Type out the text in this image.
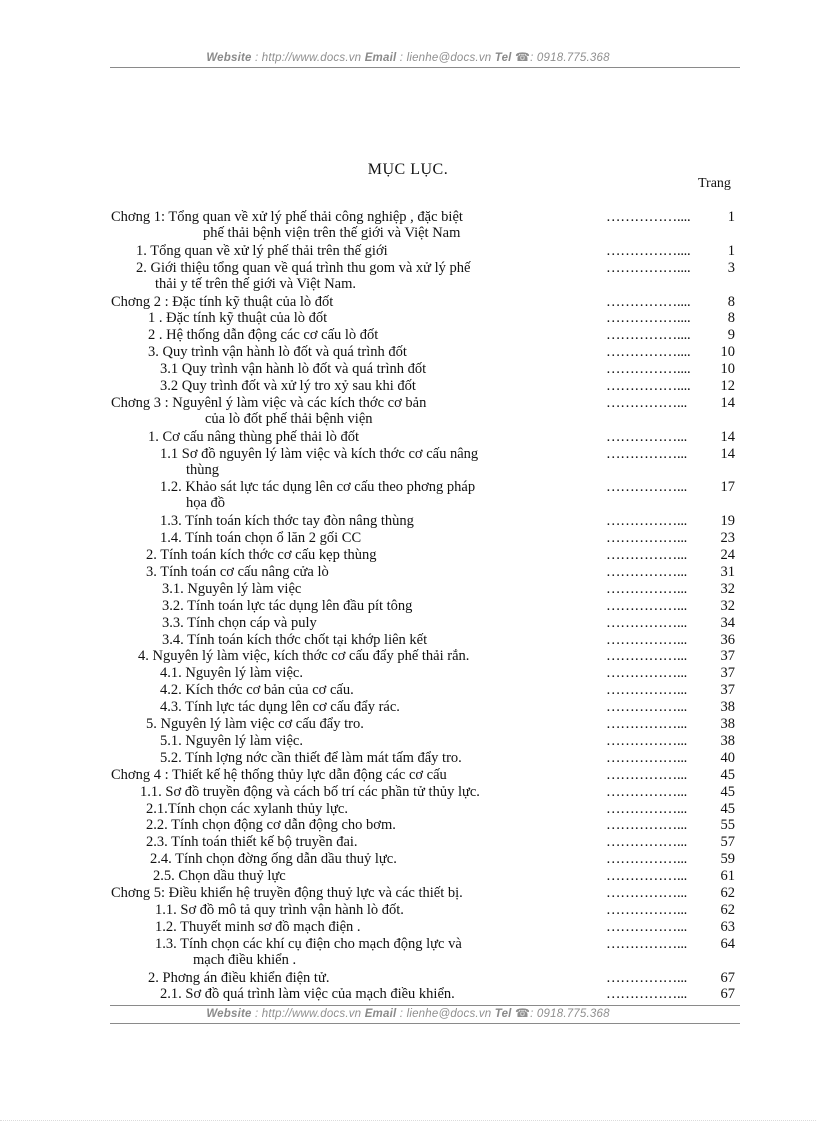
Website : http://www.docs.vn Email : lienhe@docs.vn Tel ☎: 0918.775.368
MỤC LỤC.
Trang
Chơng 1: Tổng quan về xử lý phế thải công nghiệp , đặc biệt
phế thải bệnh viện trên thế giới và Việt Nam
……………....	1
1. Tổng quan về xử lý phế thải trên thế giới	……………....	1
2. Giới thiệu tổng quan về quá trình thu gom và xử lý phế
thải y tế trên thế giới và Việt Nam.
……………....	3
Chơng 2 : Đặc tính kỹ thuật của lò đốt	……………....	8
1 . Đặc tính kỹ thuật của lò đốt	……………....	8
2 . Hệ thống dẫn động các cơ cấu lò đốt	……………....	9
3. Quy trình vận hành lò đốt và quá trình đốt	……………....	10
3.1 Quy trình vận hành lò đốt và quá trình đốt	……………....	10
3.2 Quy trình đốt và xử lý tro xỷ sau khi đốt	……………....	12
Chơng 3 : Nguyênl ý làm việc và các kích thớc cơ bản
của lò đốt phế thải bệnh viện
……………...	14
1. Cơ cấu nâng thùng phế thải lò đốt	……………...	14
1.1 Sơ đồ nguyên lý làm việc và kích thớc cơ cấu nâng
thùng
……………...	14
1.2. Khảo sát lực tác dụng lên cơ cấu theo phơng pháp
họa đồ
……………...	17
1.3. Tính toán kích thớc tay đòn nâng thùng	……………...	19
1.4. Tính toán chọn ổ lăn 2 gối CC	……………...	23
2. Tính toán kích thớc cơ cấu kẹp thùng	……………...	24
3. Tính toán cơ cấu nâng cửa lò	……………...	31
3.1. Nguyên lý làm việc	……………...	32
3.2. Tính toán lực tác dụng lên đầu pít tông	……………...	32
3.3. Tính chọn cáp và puly	……………...	34
3.4. Tính toán kích thớc chốt tại khớp liên kết	……………...	36
4. Nguyên lý làm việc, kích thớc cơ cấu đẩy phế thải rắn.	……………...	37
4.1. Nguyên lý làm việc.	……………...	37
4.2. Kích thớc cơ bản của cơ cấu.	……………...	37
4.3. Tính lực tác dụng lên cơ cấu đẩy rác.	……………...	38
5. Nguyên lý làm việc cơ cấu đẩy tro.	……………...	38
5.1. Nguyên lý làm việc.	……………...	38
5.2. Tính lợng nớc cần thiết để làm mát tấm đẩy tro.	……………...	40
Chơng 4 : Thiết kế hệ thống thủy lực dẫn động các cơ cấu	……………...	45
1.1. Sơ đồ truyền động và cách bố trí các phần tử thủy lực.	……………...	45
2.1.Tính chọn các xylanh thủy lực.	……………...	45
2.2. Tính chọn động cơ dẫn động cho bơm.	……………...	55
2.3. Tính toán thiết kế bộ truyền đai.	……………...	57
2.4. Tính chọn đờng ống dẫn dầu thuỷ lực.	……………...	59
2.5. Chọn dầu thuỷ lực	……………...	61
Chơng 5: Điều khiển hệ truyền động thuỷ lực và các thiết bị.	……………...	62
1.1. Sơ đồ mô tả quy trình vận hành lò đốt.	……………...	62
1.2. Thuyết minh sơ đồ mạch điện .	……………...	63
1.3. Tính chọn các khí cụ điện cho mạch động lực và
mạch điều khiển .
……………...	64
2. Phơng án điều khiển điện tử.	……………...	67
2.1. Sơ đồ quá trình làm việc của mạch điều khiển.	……………...	67
Website : http://www.docs.vn Email : lienhe@docs.vn Tel ☎: 0918.775.368
